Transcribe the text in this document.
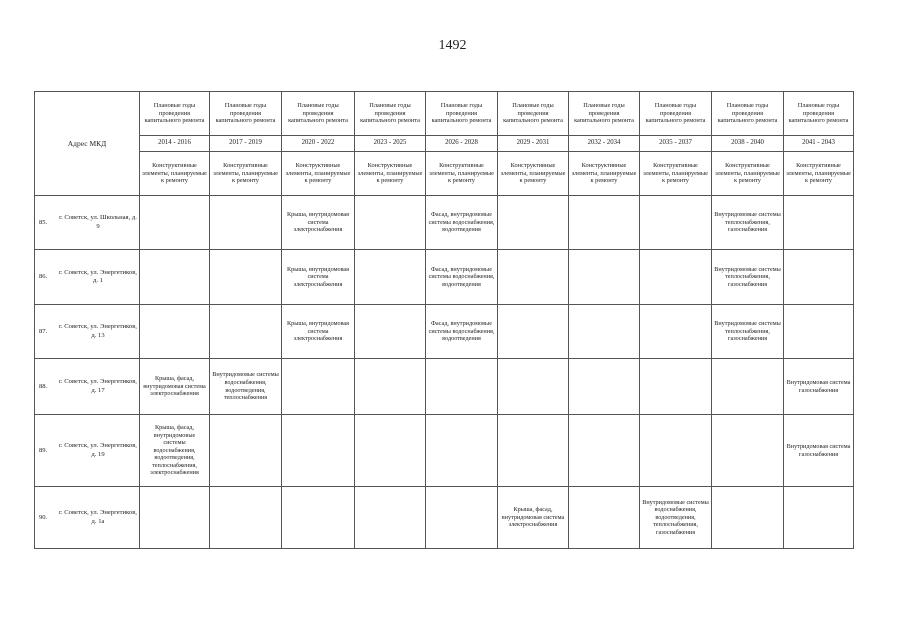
1492
Адрес МКД	Плановые годы проведения капитального ремонта	Плановые годы проведения капитального ремонта	Плановые годы проведения капитального ремонта	Плановые годы проведения капитального ремонта	Плановые годы проведения капитального ремонта	Плановые годы проведения капитального ремонта	Плановые годы проведения капитального ремонта	Плановые годы проведения капитального ремонта	Плановые годы проведения капитального ремонта	Плановые годы проведения капитального ремонта
	2014 - 2016	2017 - 2019	2020 - 2022	2023 - 2025	2026 - 2028	2029 - 2031	2032 - 2034	2035 - 2037	2038 - 2040	2041 - 2043
	Конструктивные элементы, планируемые к ремонту	Конструктивные элементы, планируемые к ремонту	Конструктивные элементы, планируемые к ремонту	Конструктивные элементы, планируемые к ремонту	Конструктивные элементы, планируемые к ремонту	Конструктивные элементы, планируемые к ремонту	Конструктивные элементы, планируемые к ремонту	Конструктивные элементы, планируемые к ремонту	Конструктивные элементы, планируемые к ремонту	Конструктивные элементы, планируемые к ремонту

85.
г. Советск, ул. Школьная, д. 9			Крыша, внутридомовая система электроснабжения		Фасад, внутридомовые системы водоснабжения, водоотведения				Внутридомовые системы теплоснабжения, газоснабжения	

86.
г. Советск, ул. Энергетиков, д. 1			Крыша, внутридомовая система электроснабжения		Фасад, внутридомовые системы водоснабжения, водоотведения				Внутридомовые системы теплоснабжения, газоснабжения	

87.
г. Советск, ул. Энергетиков, д. 13			Крыша, внутридомовая система электроснабжения		Фасад, внутридомовые системы водоснабжения, водоотведения				Внутридомовые системы теплоснабжения, газоснабжения	

88.
г. Советск, ул. Энергетиков, д. 17	Крыша, фасад, внутридомовая система электроснабжения	Внутридомовые системы водоснабжения, водоотведения, теплоснабжения								Внутридомовая система газоснабжения

89.
г. Советск, ул. Энергетиков, д. 19	Крыша, фасад, внутридомовые системы водоснабжения, водоотведения, теплоснабжения, электроснабжения									Внутридомовая система газоснабжения

90.
г. Советск, ул. Энергетиков, д. 1а						Крыша, фасад, внутридомовая система электроснабжения		Внутридомовые системы водоснабжения, водоотведения, теплоснабжения, газоснабжения		
